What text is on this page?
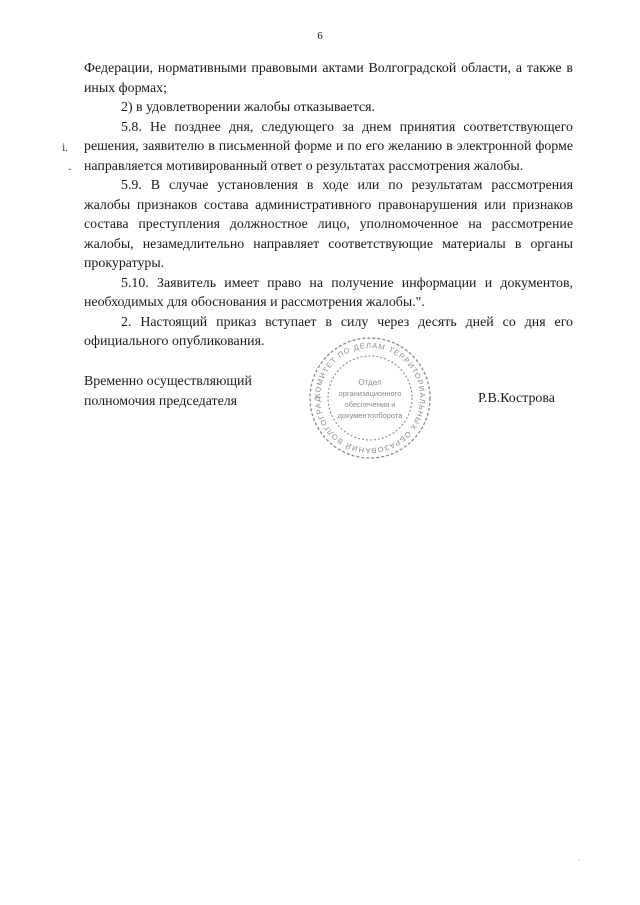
6
ⅰ.
ˇ

Федерации, нормативными правовыми актами Волгоградской области, а также в иных формах;

2) в удовлетворении жалобы отказывается.

5.8. Не позднее дня, следующего за днем принятия соответствующего решения, заявителю в письменной форме и по его желанию в электронной форме направляется мотивированный ответ о результатах рассмотрения жалобы.

5.9. В случае установления в ходе или по результатам рассмотрения жалобы признаков состава административного правонарушения или признаков состава преступления должностное лицо, уполномоченное на рассмотрение жалобы, незамедлительно направляет соответствующие материалы в органы прокуратуры.

5.10. Заявитель имеет право на получение информации и документов, необходимых для обоснования и рассмотрения жалобы.".

2. Настоящий приказ вступает в силу через десять дней со дня его официального опубликования.

КОМИТЕТ ПО ДЕЛАМ ТЕРРИТОРИАЛЬНЫХ ОБРАЗОВАНИЙ ВОЛГОГРАД
Отдел
организационного
обеспечения и
документооборота
Временно осуществляющий
полномочия председателя	Р.В.Кострова
·
